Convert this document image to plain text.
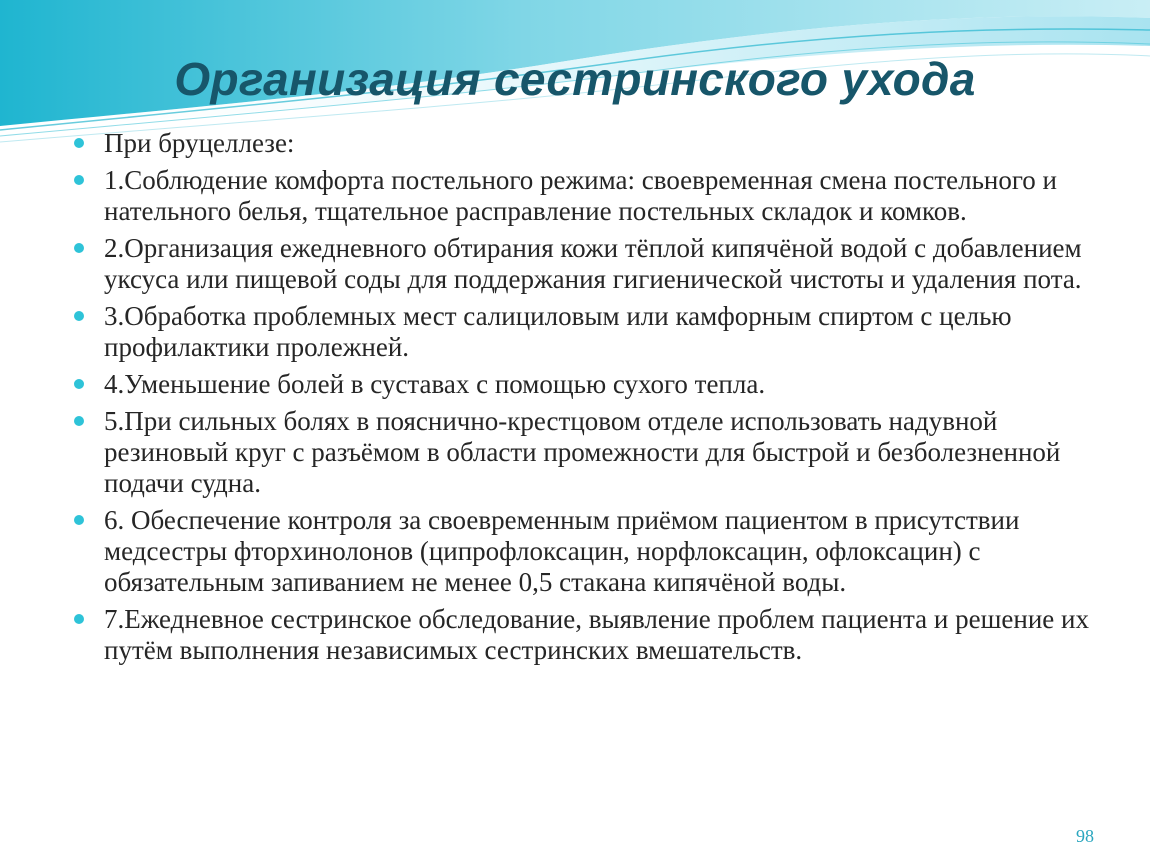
Организация сестринского ухода
При бруцеллезе:
1.Соблюдение комфорта постельного режима: своевременная смена постельного и нательного белья, тщательное расправление постельных складок и комков.
2.Организация ежедневного обтирания кожи тёплой кипячёной водой с добавлением уксуса или пищевой соды для поддержания гигиенической чистоты и удаления пота.
3.Обработка проблемных мест салициловым или камфорным спиртом с целью профилактики пролежней.
4.Уменьшение болей в суставах с помощью сухого тепла.
5.При сильных болях в пояснично-крестцовом отделе использовать надувной резиновый круг с разъёмом в области промежности для быстрой и безболезненной подачи судна.
6. Обеспечение контроля за своевременным приёмом пациентом в присутствии медсестры фторхинолонов (ципрофлоксацин, норфлоксацин, офлоксацин) с обязательным запиванием не менее 0,5 стакана кипячёной воды.
7.Ежедневное сестринское обследование, выявление проблем пациента и решение их путём выполнения независимых сестринских вмешательств.
98
